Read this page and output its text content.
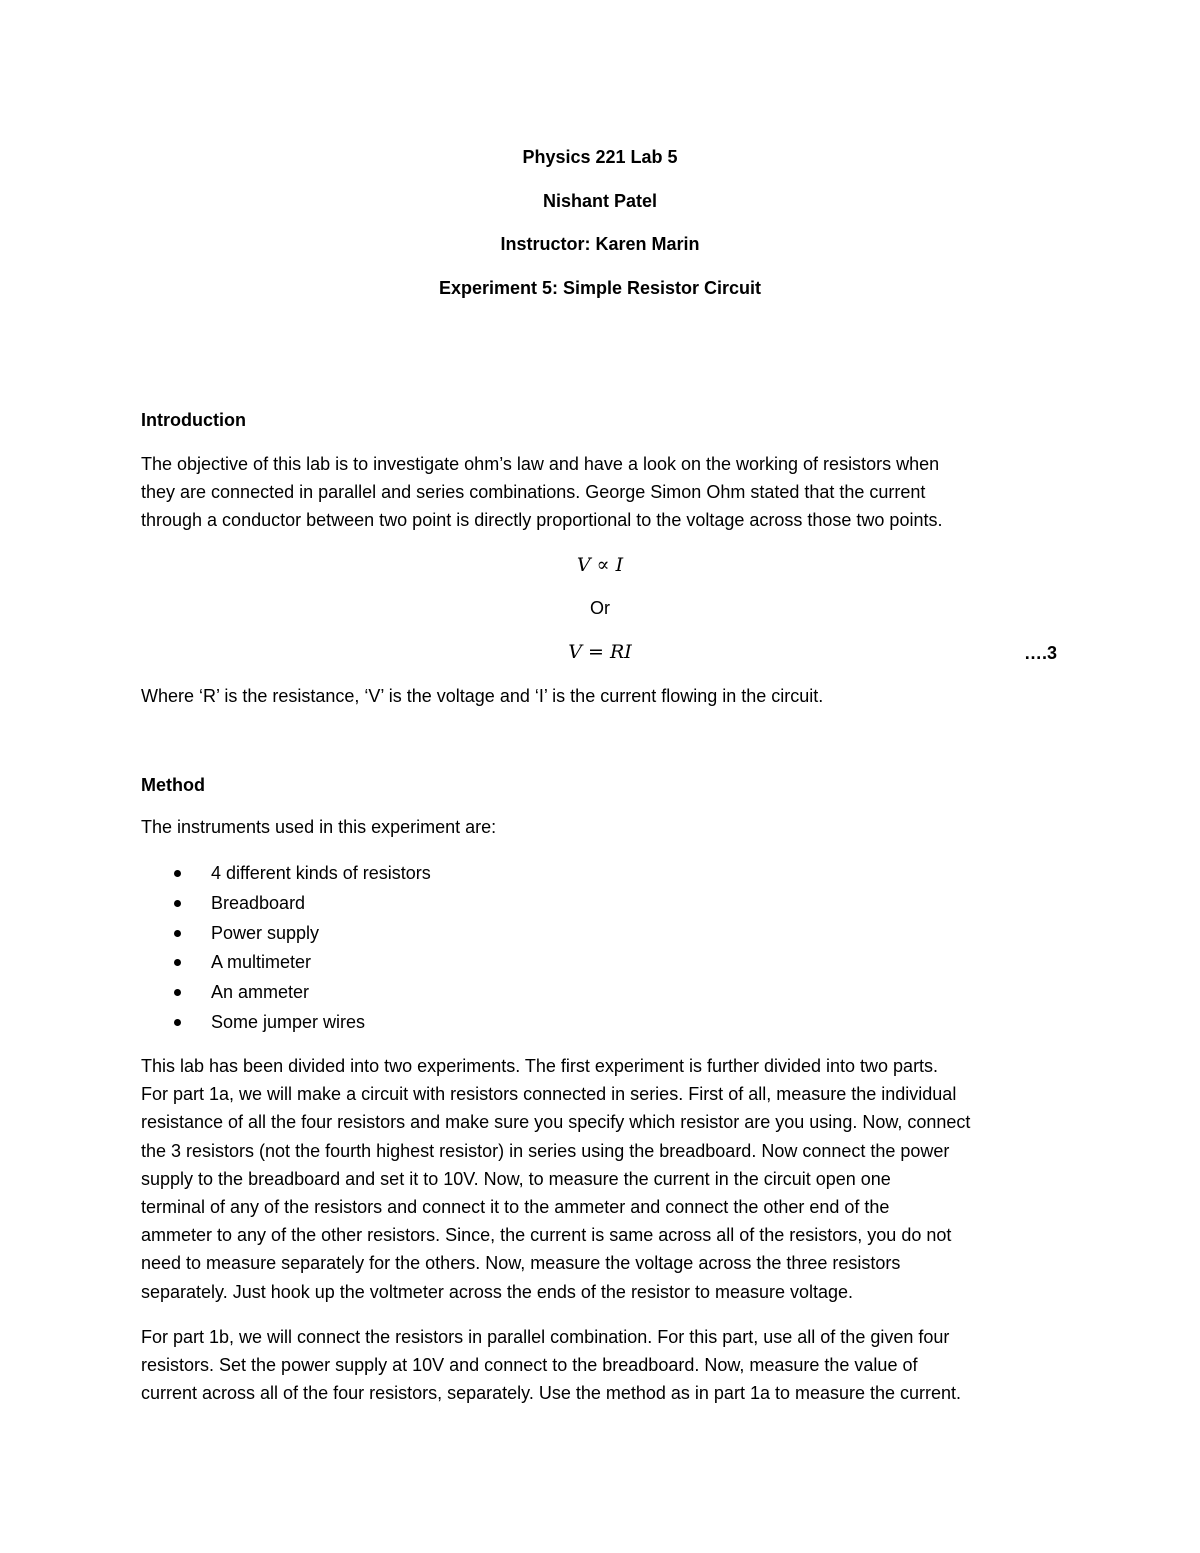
Physics 221 Lab 5
Nishant Patel
Instructor: Karen Marin
Experiment 5: Simple Resistor Circuit
Introduction
The objective of this lab is to investigate ohm’s law and have a look on the working of resistors when
they are connected in parallel and series combinations. George Simon Ohm stated that the current
through a conductor between two point is directly proportional to the voltage across those two points.
V ∝ I
Or
V = RI	….3
Where ‘R’ is the resistance, ‘V’ is the voltage and ‘I’ is the current flowing in the circuit.
Method
The instruments used in this experiment are:
4 different kinds of resistors
Breadboard
Power supply
A multimeter
An ammeter
Some jumper wires
This lab has been divided into two experiments. The first experiment is further divided into two parts.
For part 1a, we will make a circuit with resistors connected in series. First of all, measure the individual
resistance of all the four resistors and make sure you specify which resistor are you using. Now, connect
the 3 resistors (not the fourth highest resistor) in series using the breadboard. Now connect the power
supply to the breadboard and set it to 10V. Now, to measure the current in the circuit open one
terminal of any of the resistors and connect it to the ammeter and connect the other end of the
ammeter to any of the other resistors. Since, the current is same across all of the resistors, you do not
need to measure separately for the others. Now, measure the voltage across the three resistors
separately. Just hook up the voltmeter across the ends of the resistor to measure voltage.
For part 1b, we will connect the resistors in parallel combination. For this part, use all of the given four
resistors. Set the power supply at 10V and connect to the breadboard. Now, measure the value of
current across all of the four resistors, separately. Use the method as in part 1a to measure the current.
